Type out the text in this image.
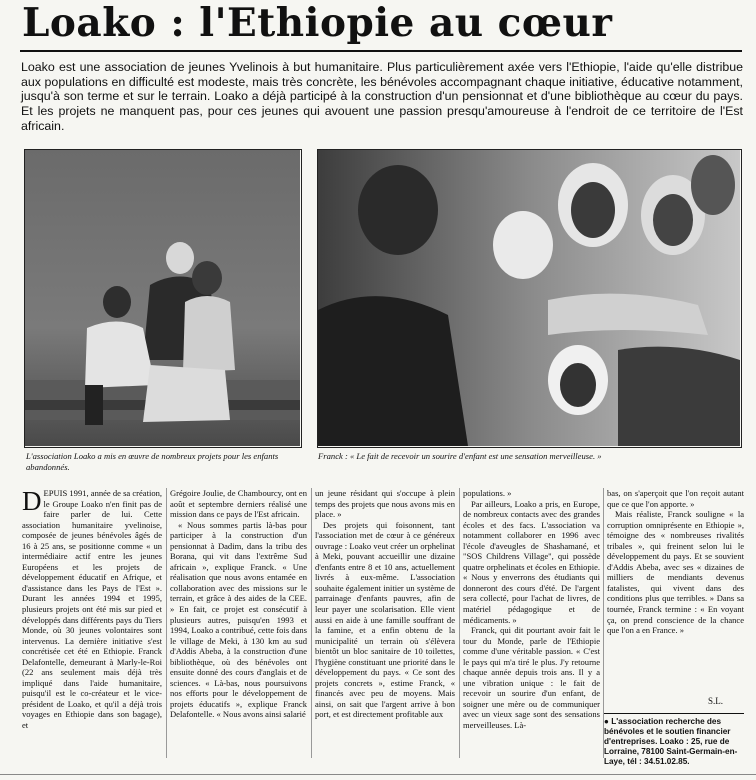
Loako : l'Ethiopie au cœur
Loako est une association de jeunes Yvelinois à but humanitaire. Plus particulièrement axée vers l'Ethiopie, l'aide qu'elle distribue aux populations en difficulté est modeste, mais très concrète, les bénévoles accompagnant chaque initiative, éducative notamment, jusqu'à son terme et sur le terrain. Loako a déjà participé à la construction d'un pensionnat et d'une bibliothèque au cœur du pays. Et les projets ne manquent pas, pour ces jeunes qui avouent une passion presqu'amoureuse à l'endroit de ce territoire de l'Est africain.
L'association Loako a mis en œuvre de nombreux projets pour les enfants abandonnés.
Franck : « Le fait de recevoir un sourire d'enfant est une sensation merveilleuse. »

DEPUIS 1991, année de sa création, le Groupe Loako n'en finit pas de faire parler de lui. Cette association humanitaire yvelinoise, composée de jeunes bénévoles âgés de 16 à 25 ans, se positionne comme « un intermédiaire actif entre les jeunes Européens et les projets de développement éducatif en Afrique, et d'assistance dans les Pays de l'Est ». Durant les années 1994 et 1995, plusieurs projets ont été mis sur pied et développés dans différents pays du Tiers Monde, où 30 jeunes volontaires sont intervenus. La dernière initiative s'est concrétisée cet été en Ethiopie. Franck Delafontelle, demeurant à Marly-le-Roi (22 ans seulement mais déjà très impliqué dans l'aide humanitaire, puisqu'il est le co-créateur et le vice-président de Loako, et qu'il a déjà trois voyages en Ethiopie dans son bagage), et

Grégoire Joulie, de Chambourcy, ont en août et septembre derniers réalisé une mission dans ce pays de l'Est africain.

« Nous sommes partis là-bas pour participer à la construction d'un pensionnat à Dadim, dans la tribu des Borana, qui vit dans l'extrême Sud africain », explique Franck. « Une réalisation que nous avons entamée en collaboration avec des missions sur le terrain, et grâce à des aides de la CEE. » En fait, ce projet est consécutif à plusieurs autres, puisqu'en 1993 et 1994, Loako a contribué, cette fois dans le village de Meki, à 130 km au sud d'Addis Abeba, à la construction d'une bibliothèque, où des bénévoles ont ensuite donné des cours d'anglais et de sciences. « Là-bas, nous poursuivons nos efforts pour le développement de projets éducatifs », explique Franck Delafontelle. « Nous avons ainsi salarié

un jeune résidant qui s'occupe à plein temps des projets que nous avons mis en place. »

Des projets qui foisonnent, tant l'association met de cœur à ce généreux ouvrage : Loako veut créer un orphelinat à Meki, pouvant accueillir une dizaine d'enfants entre 8 et 10 ans, actuellement livrés à eux-même. L'association souhaite également initier un système de parrainage d'enfants pauvres, afin de leur payer une scolarisation. Elle vient aussi en aide à une famille souffrant de la famine, et a enfin obtenu de la municipalité un terrain où s'élèvera bientôt un bloc sanitaire de 10 toilettes, l'hygiène constituant une priorité dans le développement du pays. « Ce sont des projets concrets », estime Franck, « financés avec peu de moyens. Mais ainsi, on sait que l'argent arrive à bon port, et est directement profitable aux

populations. »

Par ailleurs, Loako a pris, en Europe, de nombreux contacts avec des grandes écoles et des facs. L'association va notamment collaborer en 1996 avec l'école d'aveugles de Shashamané, et "SOS Childrens Village", qui possède quatre orphelinats et écoles en Ethiopie. « Nous y enverrons des étudiants qui donneront des cours d'été. De l'argent sera collecté, pour l'achat de livres, de matériel pédagogique et de médicaments. »

Franck, qui dit pourtant avoir fait le tour du Monde, parle de l'Ethiopie comme d'une véritable passion. « C'est le pays qui m'a tiré le plus. J'y retourne chaque année depuis trois ans. Il y a une vibration unique : le fait de recevoir un sourire d'un enfant, de soigner une mère ou de communiquer avec un vieux sage sont des sensations merveilleuses. Là-

bas, on s'aperçoit que l'on reçoit autant que ce que l'on apporte. »

Mais réaliste, Franck souligne « la corruption omniprésente en Ethiopie », témoigne des « nombreuses rivalités tribales », qui freinent selon lui le développement du pays. Et se souvient d'Addis Abeba, avec ses « dizaines de milliers de mendiants devenus fatalistes, qui vivent dans des conditions plus que terribles. » Dans sa tournée, Franck termine : « En voyant ça, on prend conscience de la chance que l'on a en France. »

S.L.
● L'association recherche des bénévoles et le soutien financier d'entreprises. Loako : 25, rue de Lorraine, 78100 Saint-Germain-en-Laye, tél : 34.51.02.85.
